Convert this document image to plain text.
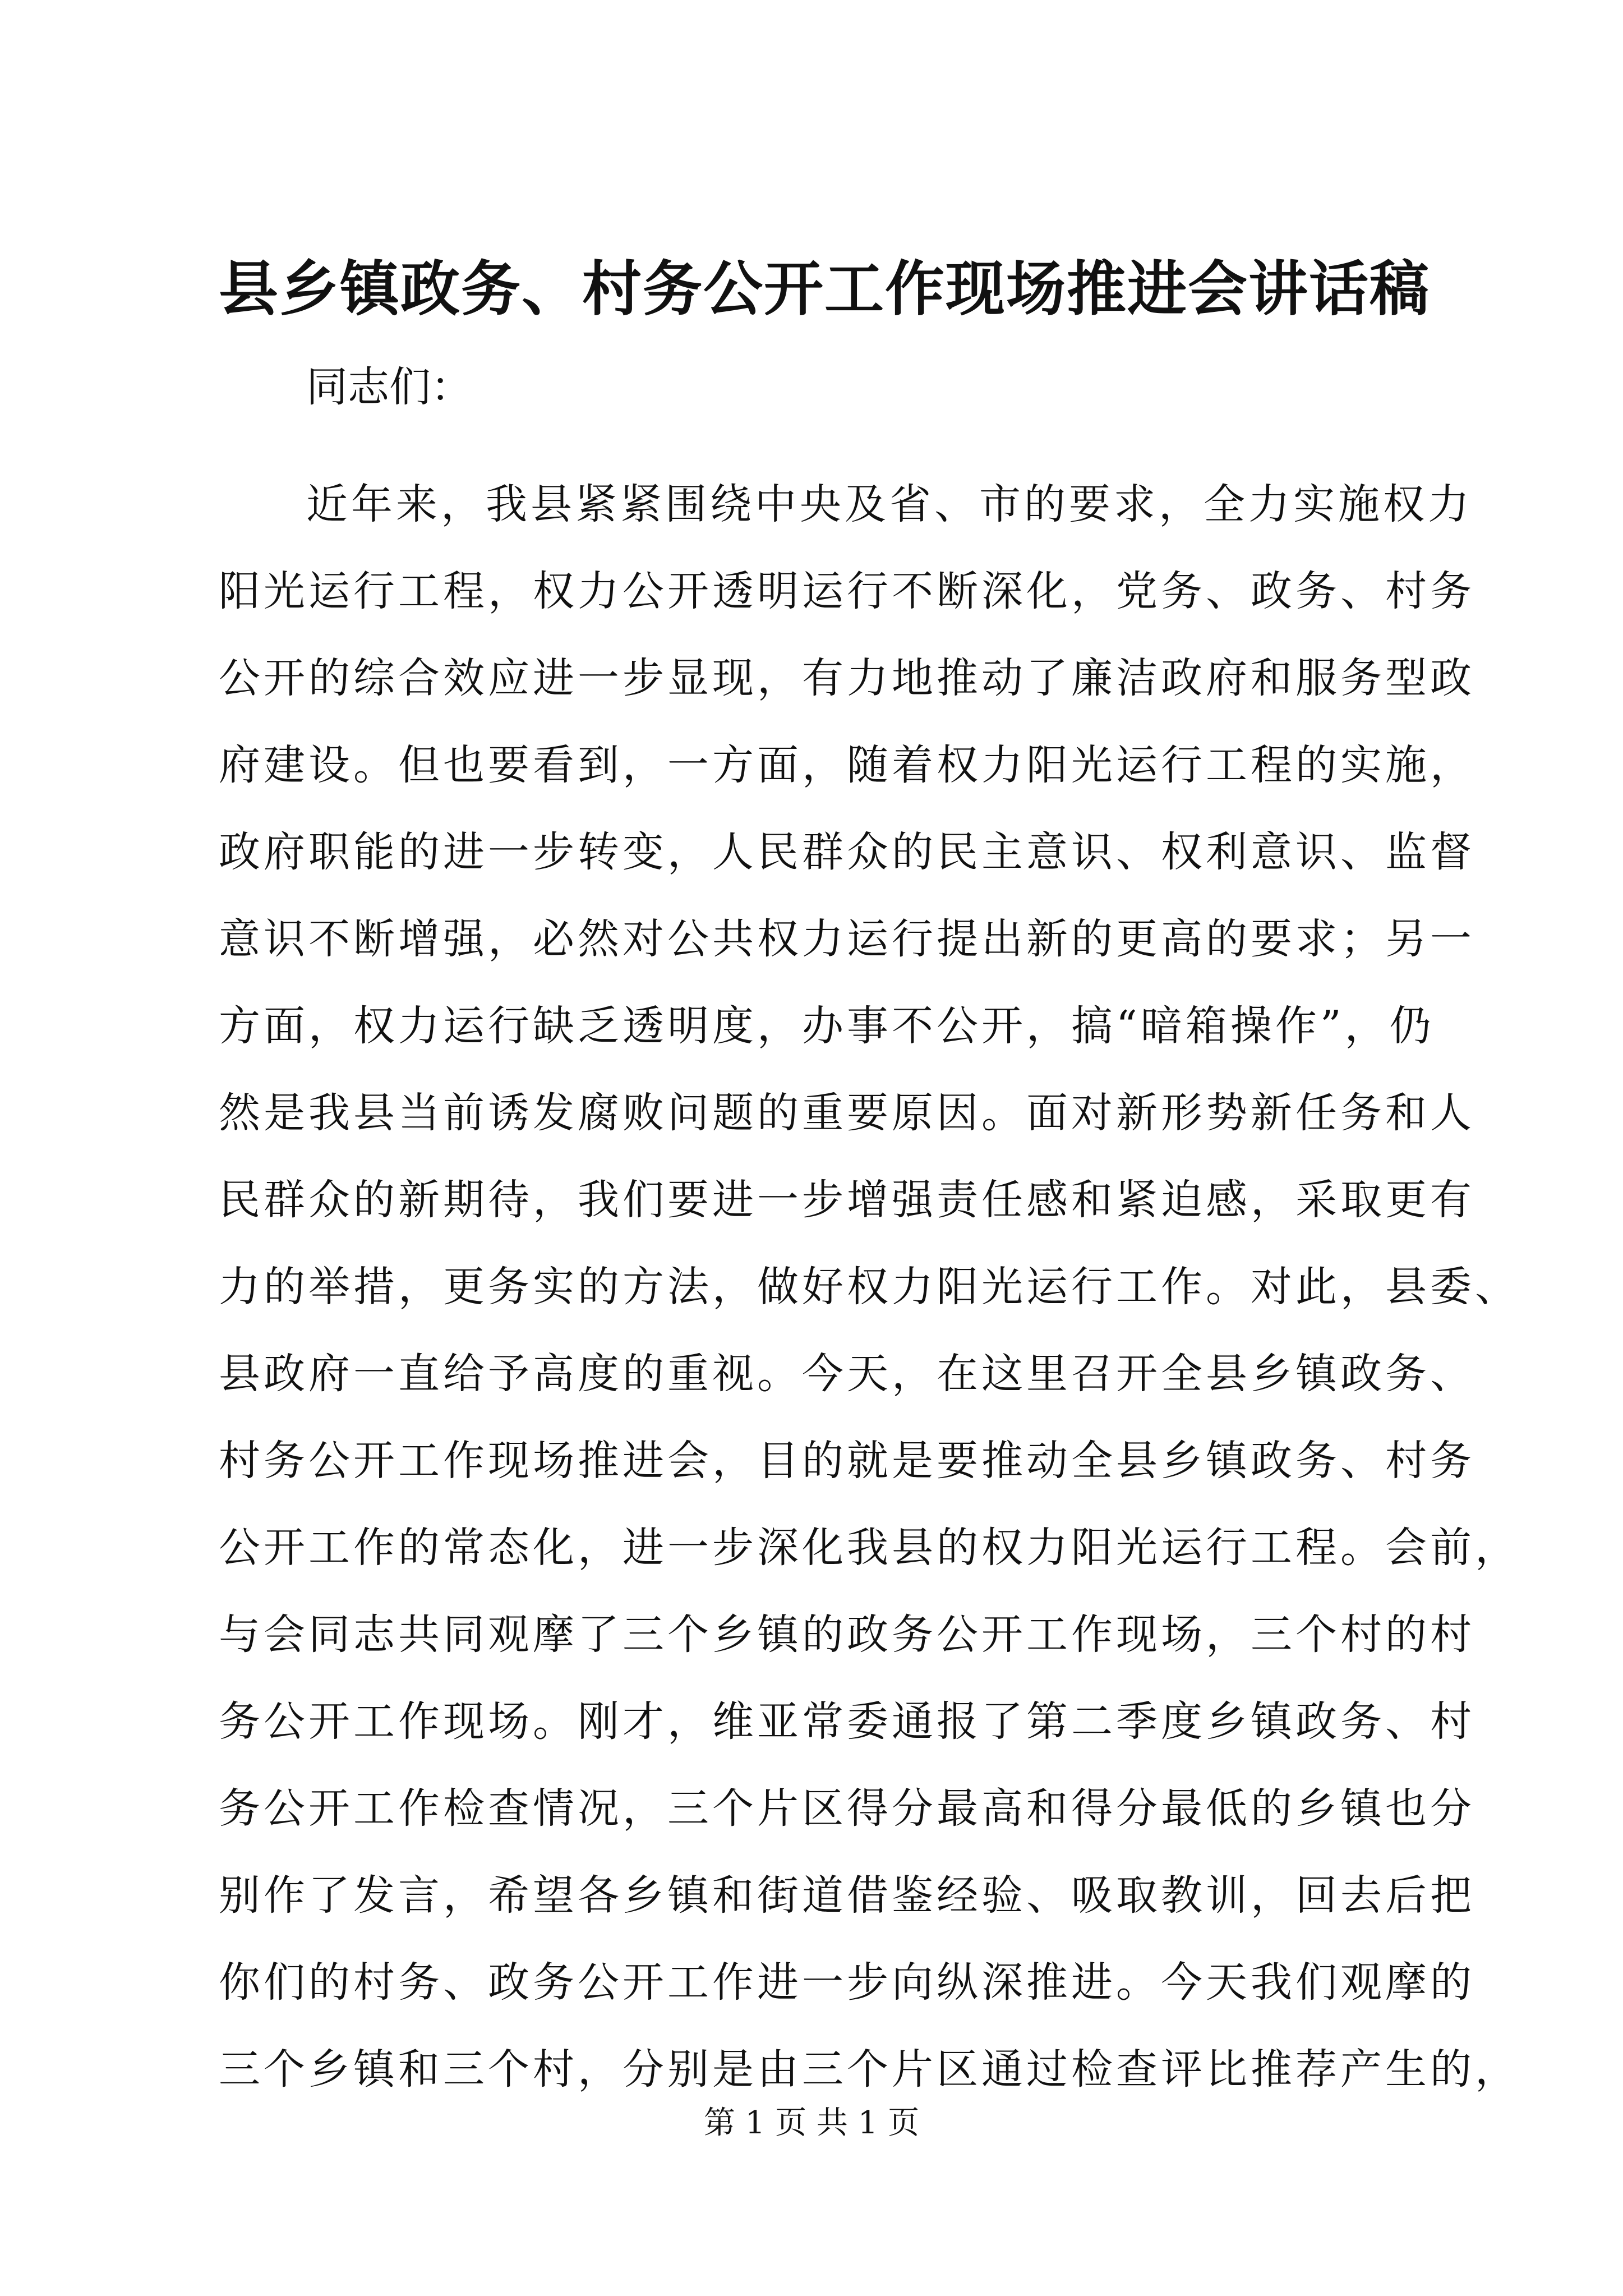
县乡镇政务、村务公开工作现场推进会讲话稿

同志们：

近年来，我县紧紧围绕中央及省、市的要求，全力实施权力
阳光运行工程，权力公开透明运行不断深化，党务、政务、村务
公开的综合效应进一步显现，有力地推动了廉洁政府和服务型政
府建设。但也要看到，一方面，随着权力阳光运行工程的实施，
政府职能的进一步转变，人民群众的民主意识、权利意识、监督
意识不断增强，必然对公共权力运行提出新的更高的要求；另一
方面，权力运行缺乏透明度，办事不公开，搞“暗箱操作”，仍
然是我县当前诱发腐败问题的重要原因。面对新形势新任务和人
民群众的新期待，我们要进一步增强责任感和紧迫感，采取更有
力的举措，更务实的方法，做好权力阳光运行工作。对此，县委、
县政府一直给予高度的重视。今天，在这里召开全县乡镇政务、
村务公开工作现场推进会，目的就是要推动全县乡镇政务、村务
公开工作的常态化，进一步深化我县的权力阳光运行工程。会前，
与会同志共同观摩了三个乡镇的政务公开工作现场，三个村的村
务公开工作现场。刚才，维亚常委通报了第二季度乡镇政务、村
务公开工作检查情况，三个片区得分最高和得分最低的乡镇也分
别作了发言，希望各乡镇和街道借鉴经验、吸取教训，回去后把
你们的村务、政务公开工作进一步向纵深推进。今天我们观摩的
三个乡镇和三个村，分别是由三个片区通过检查评比推荐产生的，

第 1 页 共 1 页
